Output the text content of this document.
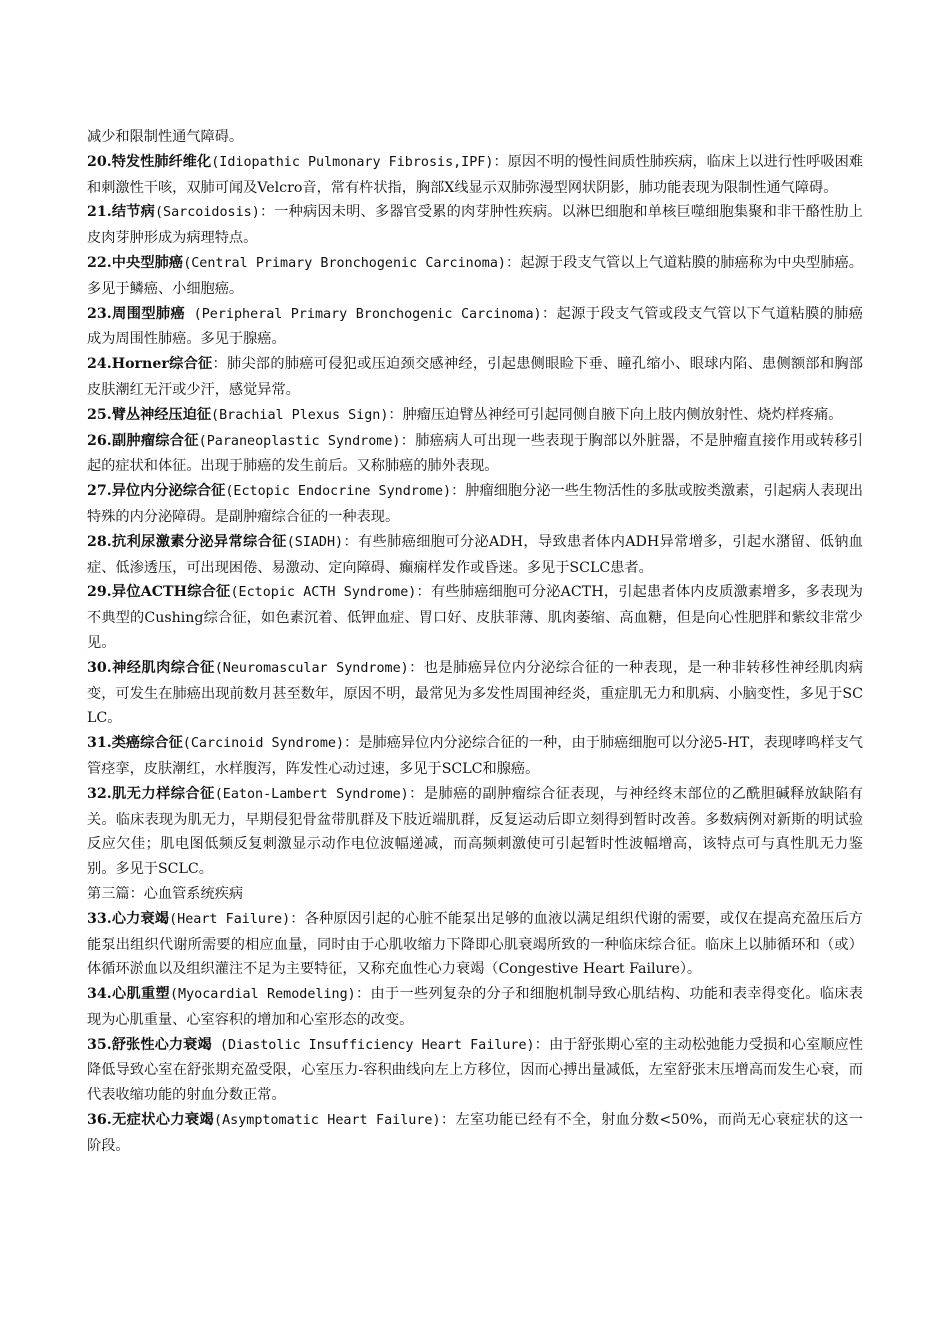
减少和限制性通气障碍。

20.特发性肺纤维化(Idiopathic Pulmonary Fibrosis,IPF)：原因不明的慢性间质性肺疾病，临床上以进行性呼吸困难和刺激性干咳，双肺可闻及Velcro音，常有杵状指，胸部X线显示双肺弥漫型网状阴影，肺功能表现为限制性通气障碍。

21.结节病(Sarcoidosis)：一种病因未明、多器官受累的肉芽肿性疾病。以淋巴细胞和单核巨噬细胞集聚和非干酪性肋上皮肉芽肿形成为病理特点。

22.中央型肺癌(Central Primary Bronchogenic Carcinoma)：起源于段支气管以上气道粘膜的肺癌称为中央型肺癌。多见于鳞癌、小细胞癌。

23.周围型肺癌 (Peripheral Primary Bronchogenic Carcinoma)：起源于段支气管或段支气管以下气道粘膜的肺癌成为周围性肺癌。多见于腺癌。

24.Horner综合征：肺尖部的肺癌可侵犯或压迫颈交感神经，引起患侧眼睑下垂、瞳孔缩小、眼球内陷、患侧额部和胸部皮肤潮红无汗或少汗，感觉异常。

25.臂丛神经压迫征(Brachial Plexus Sign)：肿瘤压迫臂丛神经可引起同侧自腋下向上肢内侧放射性、烧灼样疼痛。

26.副肿瘤综合征(Paraneoplastic Syndrome)：肺癌病人可出现一些表现于胸部以外脏器，不是肿瘤直接作用或转移引起的症状和体征。出现于肺癌的发生前后。又称肺癌的肺外表现。

27.异位内分泌综合征(Ectopic Endocrine Syndrome)：肿瘤细胞分泌一些生物活性的多肽或胺类激素，引起病人表现出特殊的内分泌障碍。是副肿瘤综合征的一种表现。

28.抗利尿激素分泌异常综合征(SIADH)：有些肺癌细胞可分泌ADH，导致患者体内ADH异常增多，引起水潴留、低钠血症、低渗透压，可出现困倦、易激动、定向障碍、癫痫样发作或昏迷。多见于SCLC患者。

29.异位ACTH综合征(Ectopic ACTH Syndrome)：有些肺癌细胞可分泌ACTH，引起患者体内皮质激素增多，多表现为不典型的Cushing综合征，如色素沉着、低钾血症、胃口好、皮肤菲薄、肌肉萎缩、高血糖，但是向心性肥胖和紫纹非常少见。

30.神经肌肉综合征(Neuromascular Syndrome)：也是肺癌异位内分泌综合征的一种表现，是一种非转移性神经肌肉病变，可发生在肺癌出现前数月甚至数年，原因不明，最常见为多发性周围神经炎，重症肌无力和肌病、小脑变性，多见于SCLC。

31.类癌综合征(Carcinoid Syndrome)：是肺癌异位内分泌综合征的一种，由于肺癌细胞可以分泌5-HT，表现哮鸣样支气管痉挛，皮肤潮红，水样腹泻，阵发性心动过速，多见于SCLC和腺癌。

32.肌无力样综合征(Eaton-Lambert Syndrome)：是肺癌的副肿瘤综合征表现，与神经终末部位的乙酰胆碱释放缺陷有关。临床表现为肌无力，早期侵犯骨盆带肌群及下肢近端肌群，反复运动后即立刻得到暂时改善。多数病例对新斯的明试验反应欠佳；肌电图低频反复刺激显示动作电位波幅递减，而高频刺激使可引起暂时性波幅增高，该特点可与真性肌无力鉴别。多见于SCLC。

第三篇：心血管系统疾病

33.心力衰竭(Heart Failure)：各种原因引起的心脏不能泵出足够的血液以满足组织代谢的需要，或仅在提高充盈压后方能泵出组织代谢所需要的相应血量，同时由于心肌收缩力下降即心肌衰竭所致的一种临床综合征。临床上以肺循环和（或）体循环淤血以及组织灌注不足为主要特征，又称充血性心力衰竭（Congestive Heart Failure）。

34.心肌重塑(Myocardial Remodeling)：由于一些列复杂的分子和细胞机制导致心肌结构、功能和表幸得变化。临床表现为心肌重量、心室容积的增加和心室形态的改变。

35.舒张性心力衰竭 (Diastolic Insufficiency Heart Failure)：由于舒张期心室的主动松弛能力受损和心室顺应性降低导致心室在舒张期充盈受限，心室压力-容积曲线向左上方移位，因而心搏出量减低，左室舒张末压增高而发生心衰，而代表收缩功能的射血分数正常。

36.无症状心力衰竭(Asymptomatic Heart Failure)：左室功能已经有不全，射血分数<50%，而尚无心衰症状的这一阶段。
